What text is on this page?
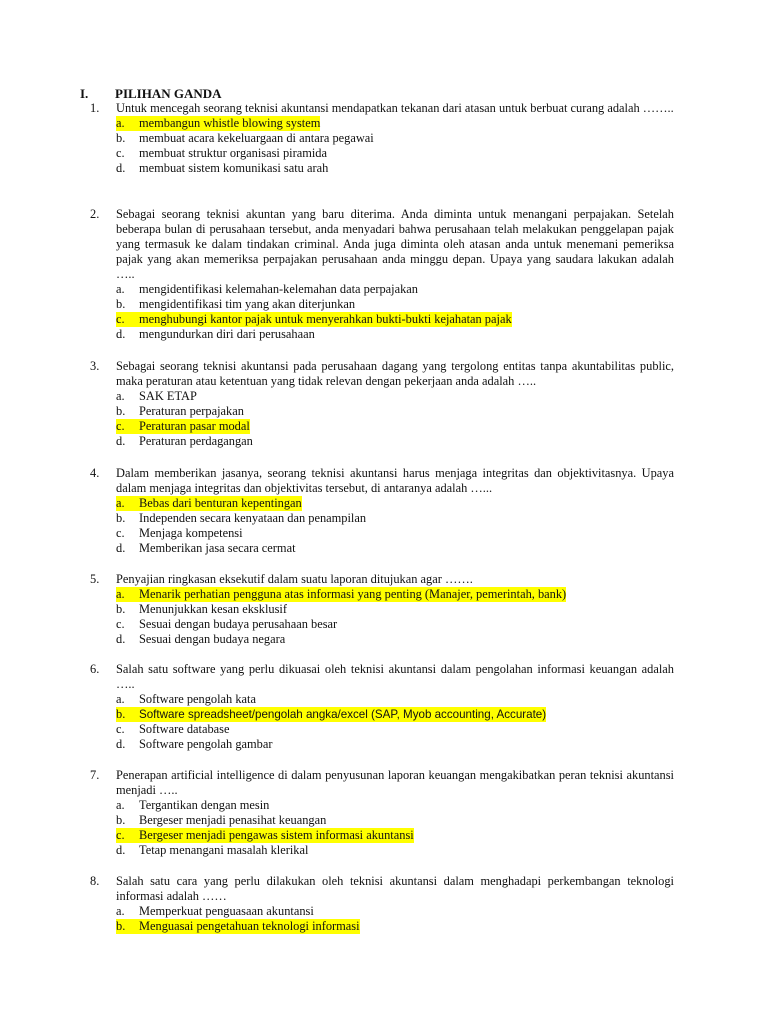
I. PILIHAN GANDA
1.	Untuk mencegah seorang teknisi akuntansi mendapatkan tekanan dari atasan untuk berbuat curang adalah ……..
a.	membangun whistle blowing system
b.	membuat acara kekeluargaan di antara pegawai
c.	membuat struktur organisasi piramida
d.	membuat sistem komunikasi satu arah
2.	Sebagai seorang teknisi akuntan yang baru diterima. Anda diminta untuk menangani perpajakan. Setelah beberapa bulan di perusahaan tersebut, anda menyadari bahwa perusahaan telah melakukan penggelapan pajak yang termasuk ke dalam tindakan criminal. Anda juga diminta oleh atasan anda untuk menemani pemeriksa pajak yang akan memeriksa perpajakan perusahaan anda minggu depan. Upaya yang saudara lakukan adalah …..
a.	mengidentifikasi kelemahan-kelemahan data perpajakan
b.	mengidentifikasi tim yang akan diterjunkan
c.	menghubungi kantor pajak untuk menyerahkan bukti-bukti kejahatan pajak
d.	mengundurkan diri dari perusahaan
3.	Sebagai seorang teknisi akuntansi pada perusahaan dagang yang tergolong entitas tanpa akuntabilitas public, maka peraturan atau ketentuan yang tidak relevan dengan pekerjaan anda adalah …..
a.	SAK ETAP
b.	Peraturan perpajakan
c.	Peraturan pasar modal
d.	Peraturan perdagangan
4.	Dalam memberikan jasanya, seorang teknisi akuntansi harus menjaga integritas dan objektivitasnya. Upaya dalam menjaga integritas dan objektivitas tersebut, di antaranya adalah …...
a.	Bebas dari benturan kepentingan
b.	Independen secara kenyataan dan penampilan
c.	Menjaga kompetensi
d.	Memberikan jasa secara cermat
5.	Penyajian ringkasan eksekutif dalam suatu laporan ditujukan agar …….
a.	Menarik perhatian pengguna atas informasi yang penting (Manajer, pemerintah, bank)
b.	Menunjukkan kesan eksklusif
c.	Sesuai dengan budaya perusahaan besar
d.	Sesuai dengan budaya negara
6.	Salah satu software yang perlu dikuasai oleh teknisi akuntansi dalam pengolahan informasi keuangan adalah …..
a.	Software pengolah kata
b.	Software spreadsheet/pengolah angka/excel (SAP, Myob accounting, Accurate)
c.	Software database
d.	Software pengolah gambar
7.	Penerapan artificial intelligence di dalam penyusunan laporan keuangan mengakibatkan peran teknisi akuntansi menjadi …..
a.	Tergantikan dengan mesin
b.	Bergeser menjadi penasihat keuangan
c.	Bergeser menjadi pengawas sistem informasi akuntansi
d.	Tetap menangani masalah klerikal
8.	Salah satu cara yang perlu dilakukan oleh teknisi akuntansi dalam menghadapi perkembangan teknologi informasi adalah ……
a.	Memperkuat penguasaan akuntansi
b.	Menguasai pengetahuan teknologi informasi
